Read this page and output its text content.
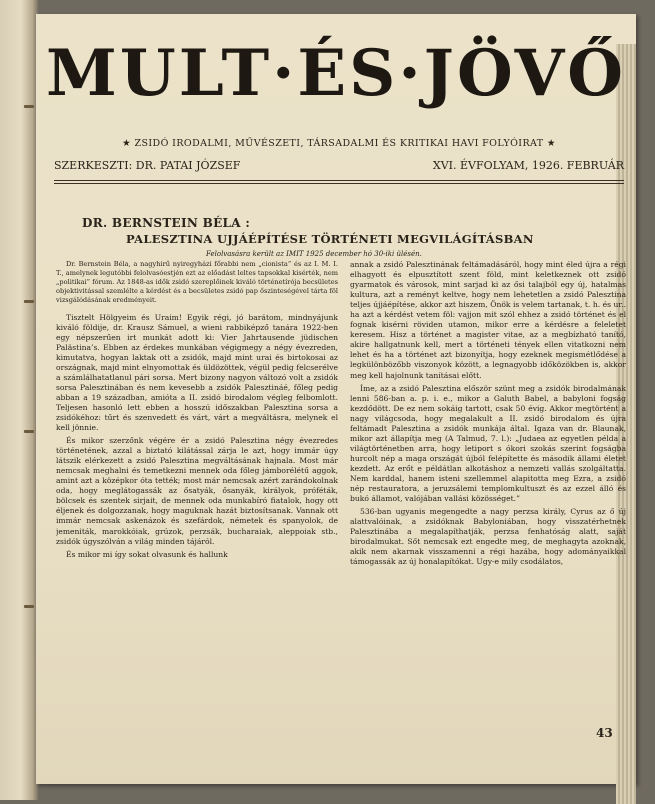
MULT·ÉS·JÖVŐ
★ ZSIDÓ IRODALMI, MŰVÉSZETI, TÁRSADALMI ÉS KRITIKAI HAVI FOLYÓIRAT ★
SZERKESZTI: DR. PATAI JÓZSEF	XVI. ÉVFOLYAM, 1926. FEBRUÁR
DR. BERNSTEIN BÉLA :
PALESZTINA UJJÁÉPÍTÉSE TÖRTÉNETI MEGVILÁGÍTÁSBAN
Felolvasásra került az IMIT 1925 december hó 30-iki ülésén.

Dr. Bernstein Béla, a nagyhirű nyiregyházi főrabbi nem „cionista” és az I. M. I. T., amelynek legutóbbi felolvasóestjén ezt az előadást leltes tapsokkal kisérték, nem „politikai” fórum. Az 1848-as idők zsidó szereplőinek kiváló történetírója becsületes objektivitással szemlélte a kérdést és a becsületes zsidó pap őszinteségével tárta föl vizsgálódásának eredményeit.

Tisztelt Hölgyeim és Uraim! Egyik régi, jó barátom, mindnyájunk kiváló földije, dr. Krausz Sámuel, a wieni rabbiképző tanára 1922-ben egy népszerűen irt munkát adott ki: Vier Jahrtausende jüdischen Palästina’s. Ebben az érdekes munkában végigmegy a négy évezreden, kimutatva, hogyan laktak ott a zsidók, majd mint urai és birtokosai az országnak, majd mint elnyomottak és üldözöttek, végül pedig felcserélve a számlálhatatlanul pári sorsa. Mert bizony nagyon változó volt a zsidók sorsa Palesztinában és nem kevesebb a zsidók Palesztináé, főleg pedig abban a 19 században, amióta a II. zsidó birodalom végleg felbomlott. Teljesen hasonló lett ebben a hosszú időszakban Palesztina sorsa a zsidókéhoz: tűrt és szenvedett és várt, várt a megváltásra, melynek el kell jönnie.

És mikor szerzőnk végére ér a zsidó Palesztina négy évezredes történetének, azzal a biztató kilátással zárja le azt, hogy immár úgy látszik elérkezett a zsidó Palesztina megváltásának hajnala. Most már nemcsak meghalni és temetkezni mennek oda főleg jámborélétű aggok, amint azt a középkor óta tették; most már nemcsak azért zarándokolnak oda, hogy meglátogassák az ősatyák, ősanyák, királyok, próféták, bölcsek és szentek sirjait, de mennek oda munkabíró fiatalok, hogy ott éljenek és dolgozzanak, hogy maguknak hazát biztosítsanak. Vannak ott immár nemcsak askenázok és szefárdok, németek és spanyolok, de jemeniták, marokkóiak, grúzok, perzsák, bucharaiak, aleppoiak stb., zsidók úgyszólván a világ minden tájáról.

És mikor mi így sokat olvasunk és hallunk

annak a zsidó Palesztinának feltámadásáról, hogy mint éled újra a régi elhagyott és elpusztított szent föld, mint keletkeznek ott zsidó gyarmatok és városok, mint sarjad ki az ősi talajból egy új, hatalmas kultura, azt a reményt keltve, hogy nem lehetetlen a zsidó Palesztina teljes újjáépítése, akkor azt hiszem, Önök is velem tartanak, t. h. és ur.. ha azt a kérdést vetem föl: vajjon mit szól ehhez a zsidó történet és el fognak kisérni röviden utamon, mikor erre a kérdésre a feleletet keresem. Hisz a történet a magister vitae, az a megbízható tanító, akire hallgatnunk kell, mert a történeti tények ellen vitatkozni nem lehet és ha a történet azt bizonyítja, hogy ezeknek megismétlődése a legkülönbözőbb viszonyok között, a legnagyobb időközökben is, akkor meg kell hajolnunk tanításai előtt.

Íme, az a zsidó Palesztina először szünt meg a zsidók birodalmának lenni 586-ban a. p. i. e., mikor a Galuth Babel, a babyloni fogság kezdődött. De ez nem sokáig tartott, csak 50 évig. Akkor megtörtént a nagy világcsoda, hogy megalakult a II. zsidó birodalom és újra feltámadt Palesztina a zsidók munkája által. Igaza van dr. Blaunak, mikor azt állapítja meg (A Talmud, 7. l.): „Judaea az egyetlen példa a világtörténetben arra, hogy letiport s ókori szokás szerint fogságba hurcolt nép a maga országát újból felépítette és második állami életet kezdett. Az erőt e példátlan alkotáshoz a nemzeti vallás szolgáltatta. Nem karddal, hanem isteni szellemmel alapitotta meg Ezra, a zsidó nép restauratora, a jeruzsálemi templomkultuszt és az ezzel álló és bukó államot, valójában vallási közösséget.”

536-ban ugyanis megengedte a nagy perzsa király, Cyrus az ő új alattvalóinak, a zsidóknak Babyloniában, hogy visszatérhetnek Palesztinába a megalapíthatják, perzsa fenhatóság alatt, saját birodalmukat. Sőt nemcsak ezt engedte meg, de meghagyta azoknak, akik nem akarnak visszamenni a régi hazába, hogy adományaikkal támogassák az új honalapítókat. Ugy-e mily csodálatos,

43
